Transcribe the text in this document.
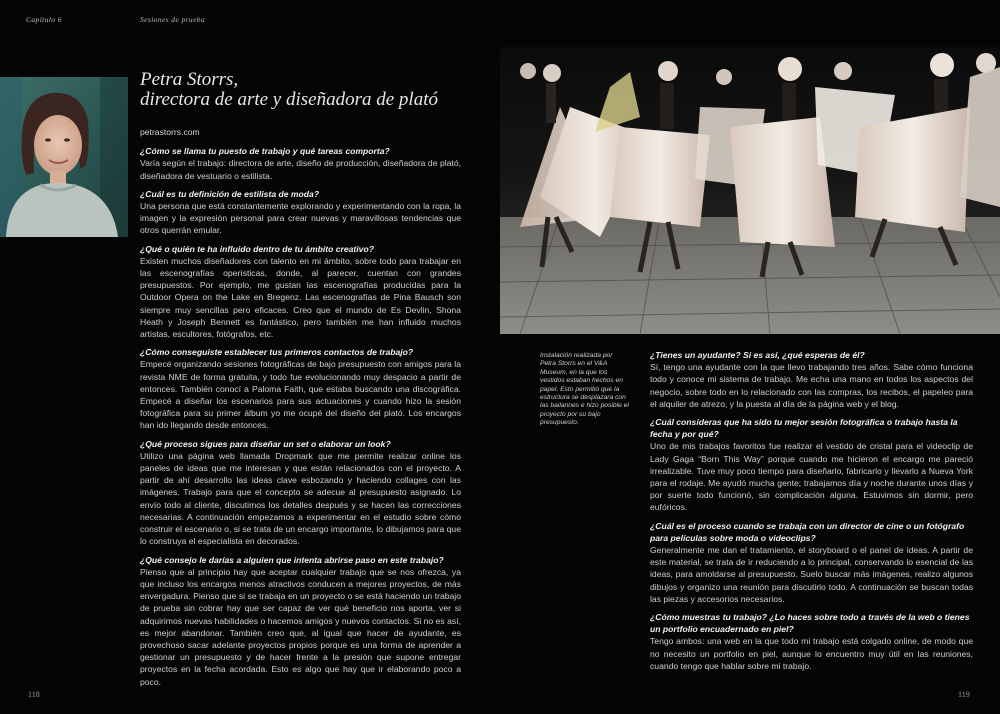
Capítulo 6	Sesiones de prueba
Petra Storrs,
directora de arte y diseñadora de plató

petrastorrs.com

¿Cómo se llama tu puesto de trabajo y qué tareas comporta?

Varía según el trabajo: directora de arte, diseño de producción, diseñadora de plató, diseñadora de vestuario o estilista.

¿Cuál es tu definición de estilista de moda?

Una persona que está constantemente explorando y experimentando con la ropa, la imagen y la expresión personal para crear nuevas y maravillosas tendencias que otros querrán emular.

¿Qué o quién te ha influido dentro de tu ámbito creativo?

Existen muchos diseñadores con talento en mi ámbito, sobre todo para trabajar en las escenografías operísticas, donde, al parecer, cuentan con grandes presupuestos. Por ejemplo, me gustan las escenografías producidas para la Outdoor Opera on the Lake en Bregenz. Las escenografías de Pina Bausch son siempre muy sencillas pero eficaces. Creo que el mundo de Es Devlin, Shona Heath y Joseph Bennett es fantástico, pero también me han influido muchos artistas, escultores, fotógrafos, etc.

¿Cómo conseguiste establecer tus primeros contactos de trabajo?

Empecé organizando sesiones fotográficas de bajo presupuesto con amigos para la revista NME de forma gratuita, y todo fue evolucionando muy despacio a partir de entonces. También conocí a Paloma Faith, que estaba buscando una discográfica. Empecé a diseñar los escenarios para sus actuaciones y cuando hizo la sesión fotográfica para su primer álbum yo me ocupé del diseño del plató. Los encargos han ido llegando desde entonces.

¿Qué proceso sigues para diseñar un set o elaborar un look?

Utilizo una página web llamada Dropmark que me permite realizar online los paneles de ideas que me interesan y que están relacionados con el proyecto. A partir de ahí desarrollo las ideas clave esbozando y haciendo collages con las imágenes. Trabajo para que el concepto se adecue al presupuesto asignado. Lo envío todo al cliente, discutimos los detalles después y se hacen las correcciones necesarias. A continuación empezamos a experimentar en el estudio sobre cómo construir el escenario o, si se trata de un encargo importante, lo dibujamos para que lo construya el especialista en decorados.

¿Qué consejo le darías a alguien que intenta abrirse paso en este trabajo?

Pienso que al principio hay que aceptar cualquier trabajo que se nos ofrezca, ya que incluso los encargos menos atractivos conducen a mejores proyectos, de más envergadura. Pienso que si se trabaja en un proyecto o se está haciendo un trabajo de prueba sin cobrar hay que ser capaz de ver qué beneficio nos aporta, ver si adquirimos nuevas habilidades o hacemos amigos y nuevos contactos. Si no es así, es mejor abandonar. También creo que, al igual que hacer de ayudante, es provechoso sacar adelante proyectos propios porque es una forma de aprender a gestionar un presupuesto y de hacer frente a la presión que supone entregar proyectos en la fecha acordada. Esto es algo que hay que ir elaborando poco a poco.

Instalación realizada por Petra Storrs en el V&A Museum, en la que los vestidos estaban hechos en papel. Esto permitió que la estructura se desplazara con las bailarines e hizo posible el proyecto por su bajo presupuesto.

¿Tienes un ayudante? Si es así, ¿qué esperas de él?

Sí, tengo una ayudante con la que llevo trabajando tres años. Sabe cómo funciona todo y conoce mi sistema de trabajo. Me echa una mano en todos los aspectos del negocio, sobre todo en lo relacionado con las compras, los recibos, el papeleo para el alquiler de atrezo, y la puesta al día de la página web y el blog.

¿Cuál consideras que ha sido tu mejor sesión fotográfica o trabajo hasta la fecha y por qué?

Uno de mis trabajos favoritos fue realizar el vestido de cristal para el videoclip de Lady Gaga “Born This Way” porque cuando me hicieron el encargo me pareció irrealizable. Tuve muy poco tiempo para diseñarlo, fabricarlo y llevarlo a Nueva York para el rodaje. Me ayudó mucha gente; trabajamos día y noche durante unos días y por suerte todo funcionó, sin complicación alguna. Estuvimos sin dormir, pero eufóricos.

¿Cuál es el proceso cuando se trabaja con un director de cine o un fotógrafo para películas sobre moda o videoclips?

Generalmente me dan el tratamiento, el storyboard o el panel de ideas. A partir de este material, se trata de ir reduciendo a lo principal, conservando lo esencial de las ideas, para amoldarse al presupuesto. Suelo buscar más imágenes, realizo algunos dibujos y organizo una reunión para discutirlo todo. A continuación se buscan todas las piezas y accesorios necesarios.

¿Cómo muestras tu trabajo? ¿Lo haces sobre todo a través de la web o tienes un portfolio encuadernado en piel?

Tengo ambos: una web en la que todo mi trabajo está colgado online, de modo que no necesito un portfolio en piel, aunque lo encuentro muy útil en las reuniones, cuando tengo que hablar sobre mi trabajo.

118	119
